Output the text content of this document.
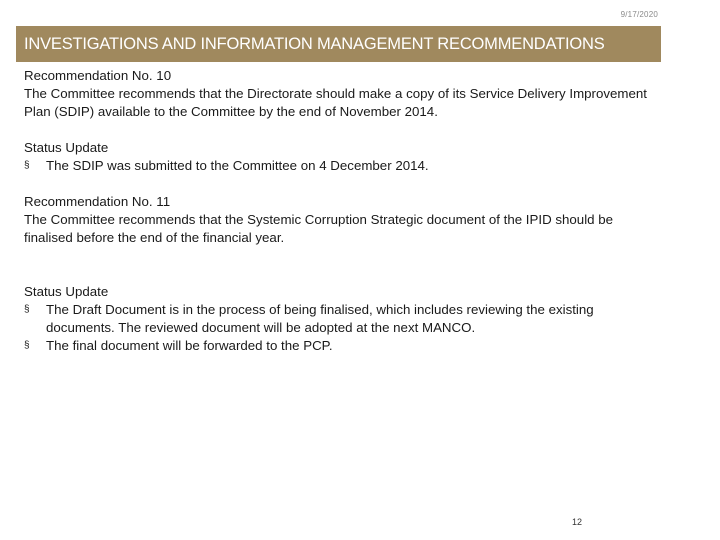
9/17/2020
INVESTIGATIONS AND INFORMATION MANAGEMENT RECOMMENDATIONS

Recommendation No. 10

The Committee recommends that the Directorate should make a copy of its Service Delivery Improvement Plan (SDIP) available to the Committee by the end of November 2014.

Status Update

§ The SDIP was submitted to the Committee on 4 December 2014.

Recommendation No. 11

The Committee recommends that the Systemic Corruption Strategic document of the IPID should be finalised before the end of the financial year.

Status Update

§ The Draft Document is in the process of being finalised, which includes reviewing the existing documents. The reviewed document will be adopted at the next MANCO.
§ The final document will be forwarded to the PCP.
12
